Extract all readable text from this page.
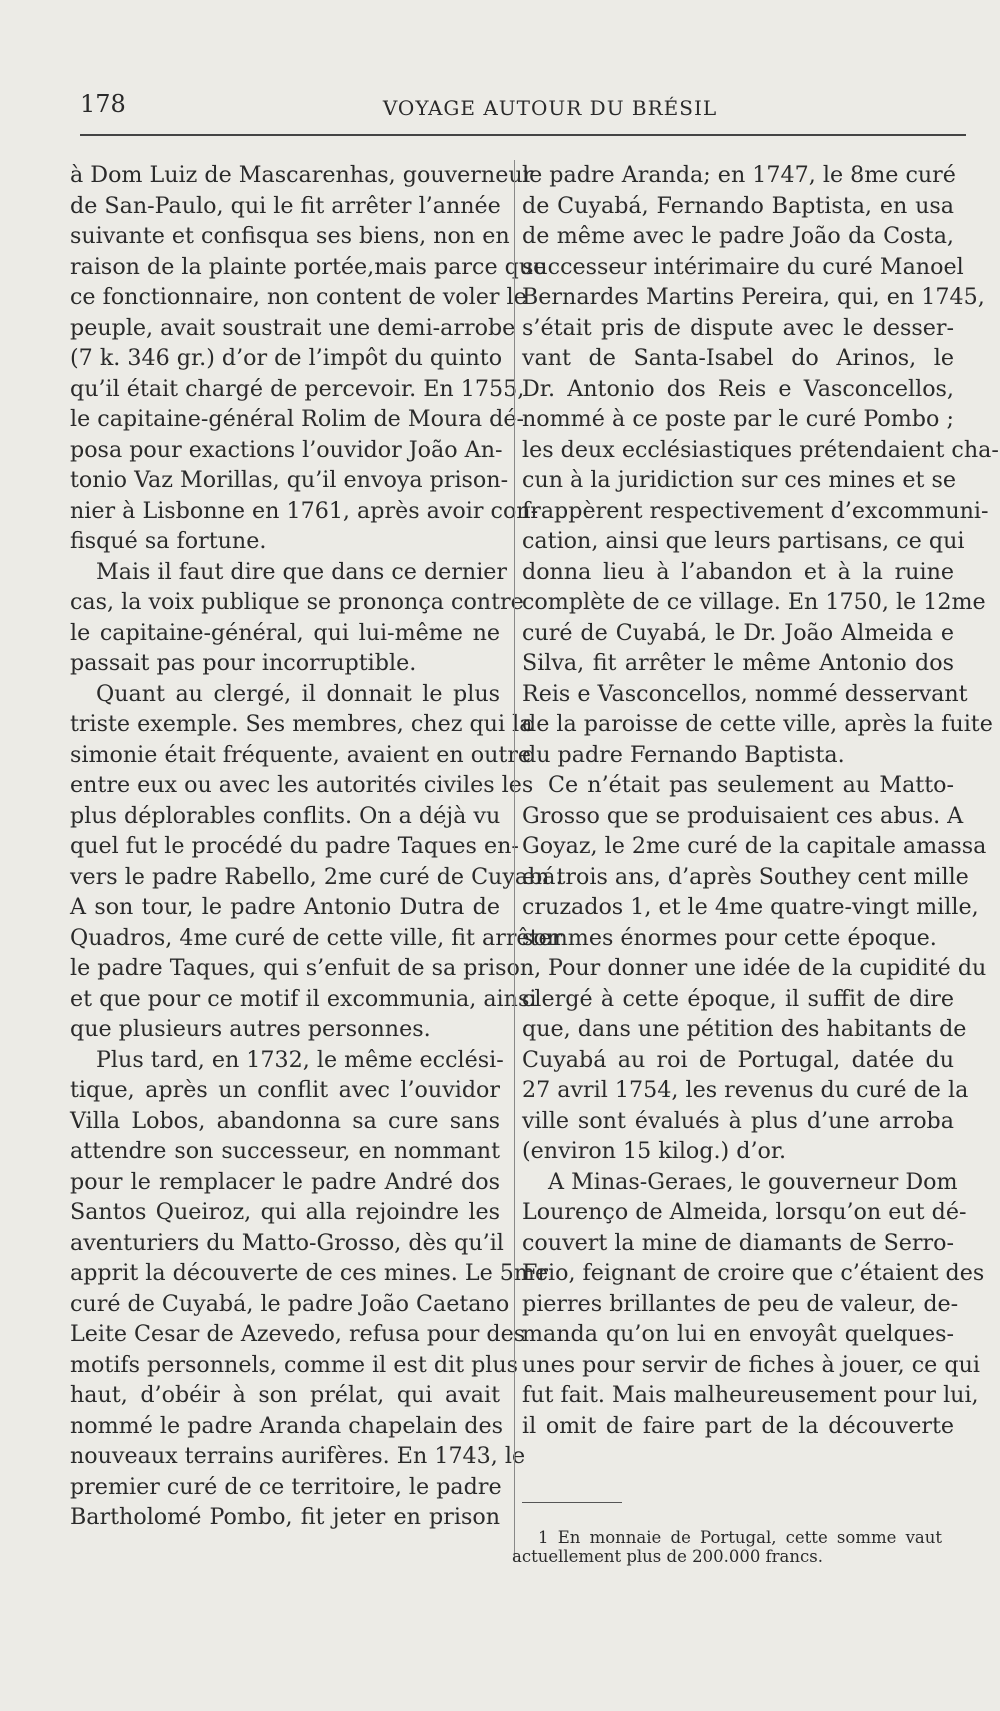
178	VOYAGE AUTOUR DU BRÉSIL
à Dom Luiz de Mascarenhas, gouverneur
de San-Paulo, qui le fit arrêter l’année
suivante et confisqua ses biens, non en
raison de la plainte portée,mais parce que
ce fonctionnaire, non content de voler le
peuple, avait soustrait une demi-arrobe
(7 k. 346 gr.) d’or de l’impôt du quinto
qu’il était chargé de percevoir. En 1755,
le capitaine-général Rolim de Moura dé-
posa pour exactions l’ouvidor João An-
tonio Vaz Morillas, qu’il envoya prison-
nier à Lisbonne en 1761, après avoir con-
fisqué sa fortune.
Mais il faut dire que dans ce dernier
cas, la voix publique se prononça contre
le capitaine-général, qui lui-même ne
passait pas pour incorruptible.
Quant au clergé, il donnait le plus
triste exemple. Ses membres, chez qui la
simonie était fréquente, avaient en outre
entre eux ou avec les autorités civiles les
plus déplorables conflits. On a déjà vu
quel fut le procédé du padre Taques en-
vers le padre Rabello, 2me curé de Cuyabá.
A son tour, le padre Antonio Dutra de
Quadros, 4me curé de cette ville, fit arrêter
le padre Taques, qui s’enfuit de sa prison,
et que pour ce motif il excommunia, ainsi
que plusieurs autres personnes.
Plus tard, en 1732, le même ecclési-
tique, après un conflit avec l’ouvidor
Villa Lobos, abandonna sa cure sans
attendre son successeur, en nommant
pour le remplacer le padre André dos
Santos Queiroz, qui alla rejoindre les
aventuriers du Matto-Grosso, dès qu’il
apprit la découverte de ces mines. Le 5me
curé de Cuyabá, le padre João Caetano
Leite Cesar de Azevedo, refusa pour des
motifs personnels, comme il est dit plus
haut, d’obéir à son prélat, qui avait
nommé le padre Aranda chapelain des
nouveaux terrains aurifères. En 1743, le
premier curé de ce territoire, le padre
Bartholomé Pombo, fit jeter en prison
le padre Aranda; en 1747, le 8me curé
de Cuyabá, Fernando Baptista, en usa
de même avec le padre João da Costa,
successeur intérimaire du curé Manoel
Bernardes Martins Pereira, qui, en 1745,
s’était pris de dispute avec le desser-
vant de Santa-Isabel do Arinos, le
Dr. Antonio dos Reis e Vasconcellos,
nommé à ce poste par le curé Pombo ;
les deux ecclésiastiques prétendaient cha-
cun à la juridiction sur ces mines et se
frappèrent respectivement d’excommuni-
cation, ainsi que leurs partisans, ce qui
donna lieu à l’abandon et à la ruine
complète de ce village. En 1750, le 12me
curé de Cuyabá, le Dr. João Almeida e
Silva, fit arrêter le même Antonio dos
Reis e Vasconcellos, nommé desservant
de la paroisse de cette ville, après la fuite
du padre Fernando Baptista.
Ce n’était pas seulement au Matto-
Grosso que se produisaient ces abus. A
Goyaz, le 2me curé de la capitale amassa
en trois ans, d’après Southey cent mille
cruzados 1, et le 4me quatre-vingt mille,
sommes énormes pour cette époque.
Pour donner une idée de la cupidité du
clergé à cette époque, il suffit de dire
que, dans une pétition des habitants de
Cuyabá au roi de Portugal, datée du
27 avril 1754, les revenus du curé de la
ville sont évalués à plus d’une arroba
(environ 15 kilog.) d’or.
A Minas-Geraes, le gouverneur Dom
Lourenço de Almeida, lorsqu’on eut dé-
couvert la mine de diamants de Serro-
Frio, feignant de croire que c’étaient des
pierres brillantes de peu de valeur, de-
manda qu’on lui en envoyât quelques-
unes pour servir de fiches à jouer, ce qui
fut fait. Mais malheureusement pour lui,
il omit de faire part de la découverte
1 En monnaie de Portugal, cette somme vaut
actuellement plus de 200.000 francs.
